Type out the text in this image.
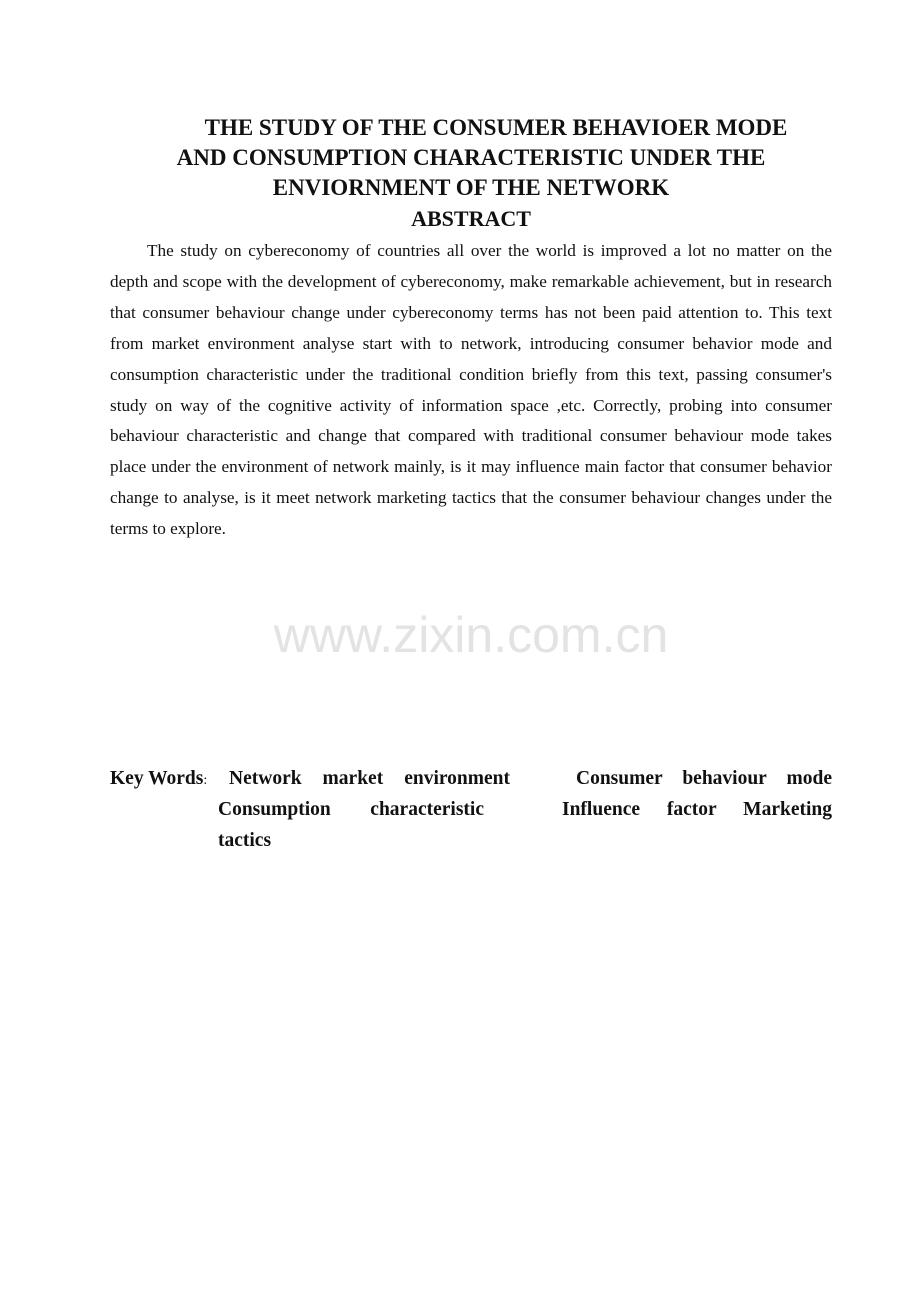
THE STUDY OF THE CONSUMER BEHAVIOER MODE
AND CONSUMPTION CHARACTERISTIC UNDER THE
ENVIORNMENT OF THE NETWORK
ABSTRACT

The study on cybereconomy of countries all over the world is improved a lot no matter on the depth and scope with the development of cybereconomy, make remarkable achievement, but in research that consumer behaviour change under cybereconomy terms has not been paid attention to. This text from market environment analyse start with to network, introducing consumer behavior mode and consumption characteristic under the traditional condition briefly from this text, passing consumer's study on way of the cognitive activity of information space ,etc. Correctly, probing into consumer behaviour characteristic and change that compared with traditional consumer behaviour mode takes place under the environment of network mainly, is it may influence main factor that consumer behavior change to analyse, is it meet network marketing tactics that the consumer behaviour changes under the terms to explore.

www.zixin.com.cn
Key Words: Network market environment	Consumer behaviour mode
Consumption characteristic	Influence factor Marketing
tactics
